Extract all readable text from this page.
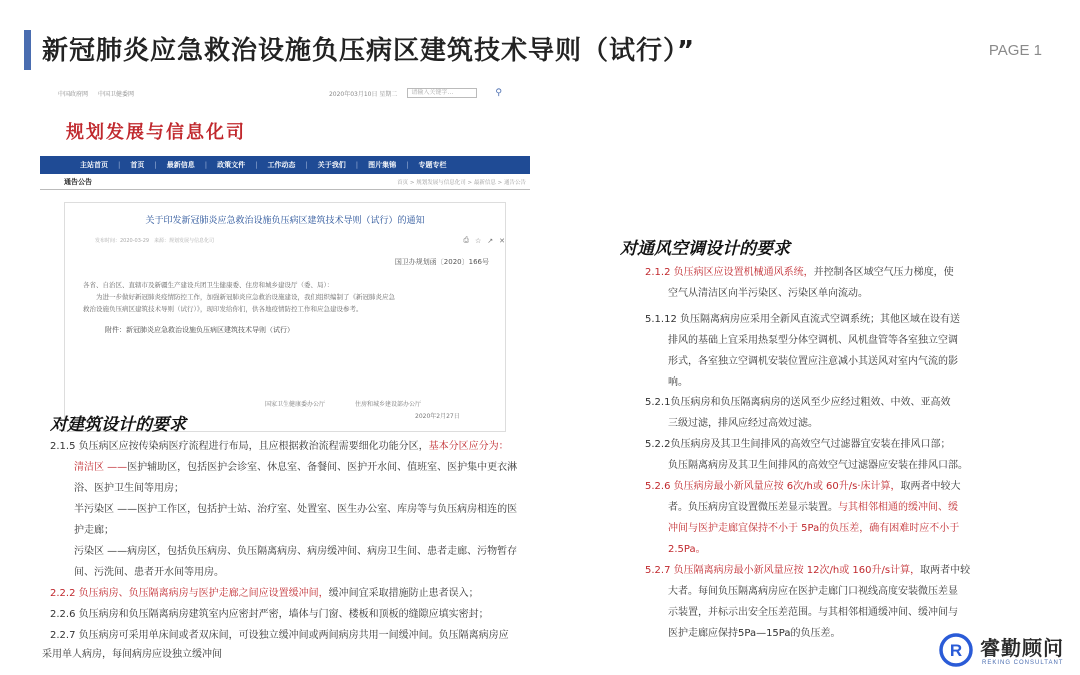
新冠肺炎应急救治设施负压病区建筑技术导则（试行）”	PAGE 1
中国政府网 中国卫健委网	2020年03月10日 星期二	请输入关键字…	⚲
规划发展与信息化司
主站首页	|	首页	|	最新信息	|	政策文件	|	工作动态	|	关于我们	|	图片集锦	|	专题专栏
通告公告	首页 > 规划发展与信息化司 > 最新信息 > 通告公告
关于印发新冠肺炎应急救治设施负压病区建筑技术导则（试行）的通知
发布时间：2020-03-29　来源：规划发展与信息化司	⎙ ☆ ↗ ✕
国卫办规划函〔2020〕166号
各省、自治区、直辖市及新疆生产建设兵团卫生健康委、住房和城乡建设厅（委、局）：
　　为进一步做好新冠肺炎疫情防控工作，加强新冠肺炎应急救治设施建设，我们组织编制了《新冠肺炎应急
救治设施负压病区建筑技术导则（试行）》，现印发给你们，供各地疫情防控工作和应急建设参考。
附件：新冠肺炎应急救治设施负压病区建筑技术导则（试行）
国家卫生健康委办公厅	住房和城乡建设部办公厅
2020年2月27日
对建筑设计的要求
2.1.5 负压病区应按传染病医疗流程进行布局，且应根据救治流程需要细化功能分区，基本分区应分为：
清洁区 ——医护辅助区，包括医护会诊室、休息室、备餐间、医护开水间、值班室、医护集中更衣淋
浴、医护卫生间等用房；
半污染区 ——医护工作区，包括护士站、治疗室、处置室、医生办公室、库房等与负压病房相连的医
护走廊；
污染区 ——病房区，包括负压病房、负压隔离病房、病房缓冲间、病房卫生间、患者走廊、污物暂存
间、污洗间、患者开水间等用房。
2.2.2 负压病房、负压隔离病房与医护走廊之间应设置缓冲间，缓冲间宜采取措施防止患者误入；
2.2.6 负压病房和负压隔离病房建筑室内应密封严密，墙体与门窗、楼板和顶板的缝隙应填实密封；
2.2.7 负压病房可采用单床间或者双床间，可设独立缓冲间或两间病房共用一间缓冲间。负压隔离病房应
采用单人病房，每间病房应设独立缓冲间
对通风空调设计的要求
2.1.2 负压病区应设置机械通风系统，并控制各区域空气压力梯度，使
空气从清洁区向半污染区、污染区单向流动。
5.1.12 负压隔离病房应采用全新风直流式空调系统；其他区域在设有送
排风的基础上宜采用热泵型分体空调机、风机盘管等各室独立空调
形式，各室独立空调机安装位置应注意减小其送风对室内气流的影
响。
5.2.1负压病房和负压隔离病房的送风至少应经过粗效、中效、亚高效
三级过滤，排风应经过高效过滤。
5.2.2负压病房及其卫生间排风的高效空气过滤器宜安装在排风口部；
负压隔离病房及其卫生间排风的高效空气过滤器应安装在排风口部。
5.2.6 负压病房最小新风量应按 6次/h或 60升/s·床计算，取两者中较大
者。负压病房宜设置微压差显示装置。与其相邻相通的缓冲间、缓
冲间与医护走廊宜保持不小于 5Pa的负压差，确有困难时应不小于
2.5Pa。
5.2.7 负压隔离病房最小新风量应按 12次/h或 160升/s计算，取两者中较
大者。每间负压隔离病房应在医护走廊门口视线高度安装微压差显
示装置，并标示出安全压差范围。与其相邻相通缓冲间、缓冲间与
医护走廊应保持5Pa—15Pa的负压差。
R 睿勤顾问
REKING CONSULTANT
